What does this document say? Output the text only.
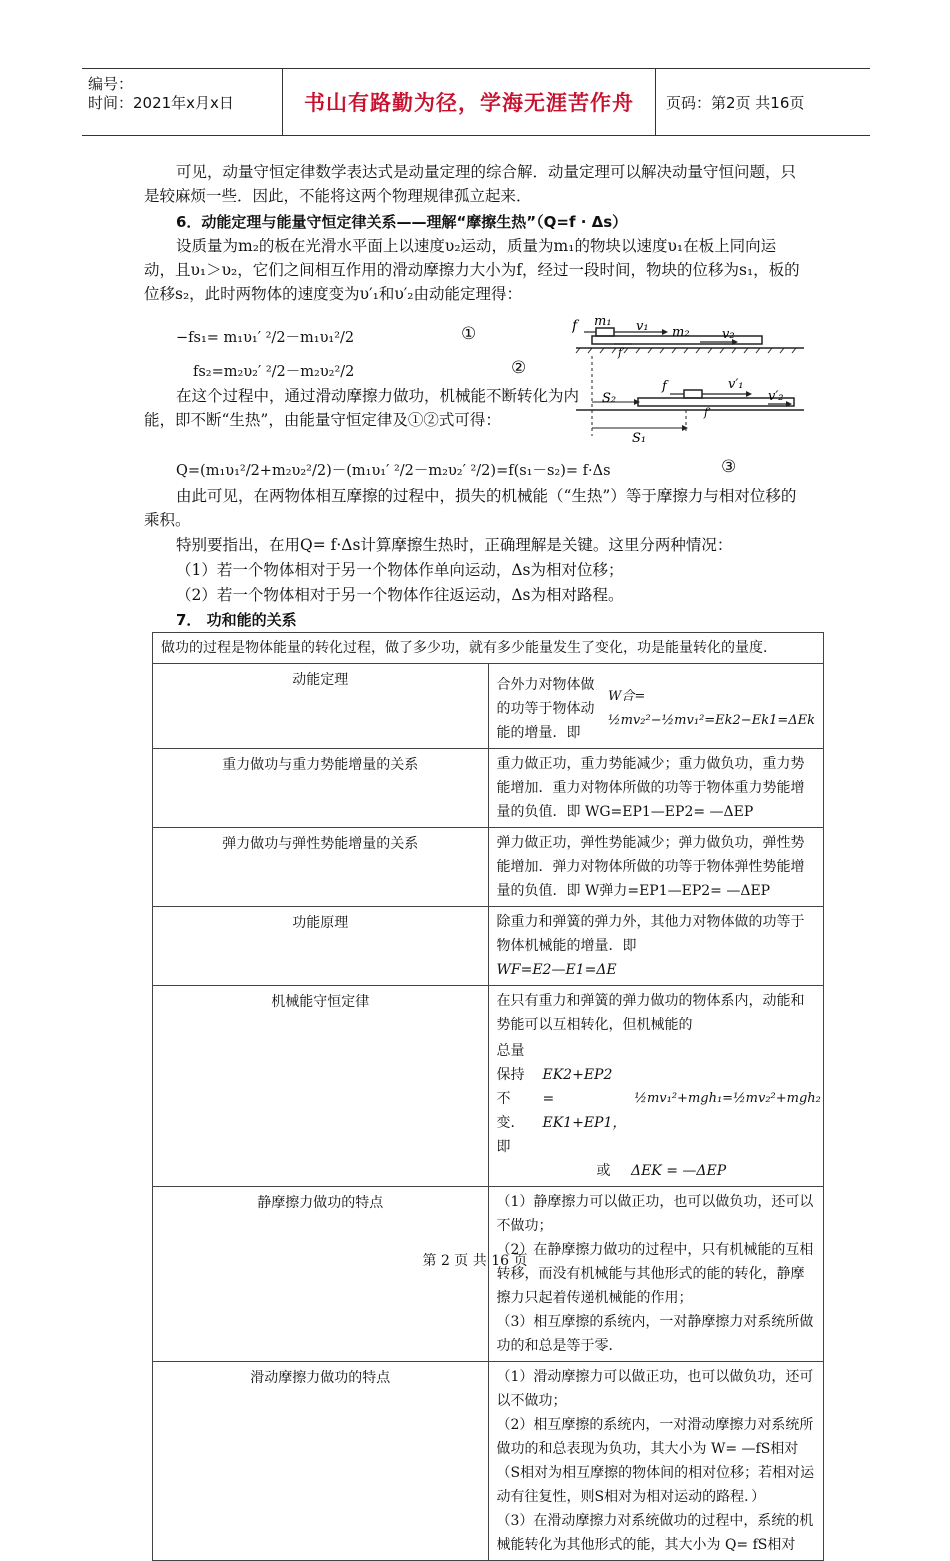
编号：
时间：2021年x月x日	书山有路勤为径，学海无涯苦作舟 页码：第2页 共16页
可见，动量守恒定律数学表达式是动量定理的综合解．动量定理可以解决动量守恒问题，只是较麻烦一些．因此，不能将这两个物理规律孤立起来．
6．动能定理与能量守恒定律关系——理解“摩擦生热”（Q=f · Δs）
设质量为m₂的板在光滑水平面上以速度υ₂运动，质量为m₁的物块以速度υ₁在板上同向运动，且υ₁＞υ₂，它们之间相互作用的滑动摩擦力大小为f，经过一段时间，物块的位移为s₁，板的位移s₂，此时两物体的速度变为υ′₁和υ′₂由动能定理得：
−fs₁= m₁υ₁′ ²/2－m₁υ₁²/2	①
fs₂=m₂υ₂′ ²/2－m₂υ₂²/2	②
在这个过程中，通过滑动摩擦力做功，机械能不断转化为内能，即不断“生热”，由能量守恒定律及①②式可得：
Q=(m₁υ₁²/2+m₂υ₂²/2)－(m₁υ₁′ ²/2－m₂υ₂′ ²/2)=f(s₁－s₂)= f·Δs	③
由此可见，在两物体相互摩擦的过程中，损失的机械能（“生热”）等于摩擦力与相对位移的乘积。
特别要指出，在用Q= f·Δs计算摩擦生热时，正确理解是关键。这里分两种情况：
（1）若一个物体相对于另一个物体作单向运动，Δs为相对位移；
（2）若一个物体相对于另一个物体作往返运动，Δs为相对路程。
7． 功和能的关系
f m₁ v₁ m₂ v₂
f′
S₂
S₁
f	v′₁
v′₂
f′
做功的过程是物体能量的转化过程，做了多少功，就有多少能量发生了变化，功是能量转化的量度．	
动能定理	合外力对物体做的功等于物体动能的增量．即
W合= ½mv₂²−½mv₁²=Ek2−Ek1=ΔEk

重力做功与重力势能增量的关系	重力做正功，重力势能减少；重力做负功，重力势能增加．重力对物体所做的功等于物体重力势能增量的负值．即 WG=EP1—EP2= —ΔEP
弹力做功与弹性势能增量的关系	弹力做正功，弹性势能减少；弹力做负功，弹性势能增加．弹力对物体所做的功等于物体弹性势能增量的负值．即 W弹力=EP1—EP2= —ΔEP
功能原理	除重力和弹簧的弹力外，其他力对物体做的功等于物体机械能的增量．即
WF=E2—E1=ΔE

机械能守恒定律	在只有重力和弹簧的弹力做功的物体系内，动能和势能可以互相转化，但机械能的
总量保持不变．即
EK2+EP2 = EK1+EP1，
½mv₁²+mgh₁=½mv₂²+mgh₂
或 ΔEK = —ΔEP

静摩擦力做功的特点	（1）静摩擦力可以做正功，也可以做负功，还可以不做功；
（2）在静摩擦力做功的过程中，只有机械能的互相转移，而没有机械能与其他形式的能的转化，静摩擦力只起着传递机械能的作用；
（3）相互摩擦的系统内，一对静摩擦力对系统所做功的和总是等于零．

滑动摩擦力做功的特点	（1）滑动摩擦力可以做正功，也可以做负功，还可以不做功；
（2）相互摩擦的系统内，一对滑动摩擦力对系统所做功的和总表现为负功，其大小为 W= —fS相对 （S相对为相互摩擦的物体间的相对位移；若相对运动有往复性，则S相对为相对运动的路程．）
（3）在滑动摩擦力对系统做功的过程中，系统的机械能转化为其他形式的能，其大小为 Q= fS相对
第 2 页 共 16 页
